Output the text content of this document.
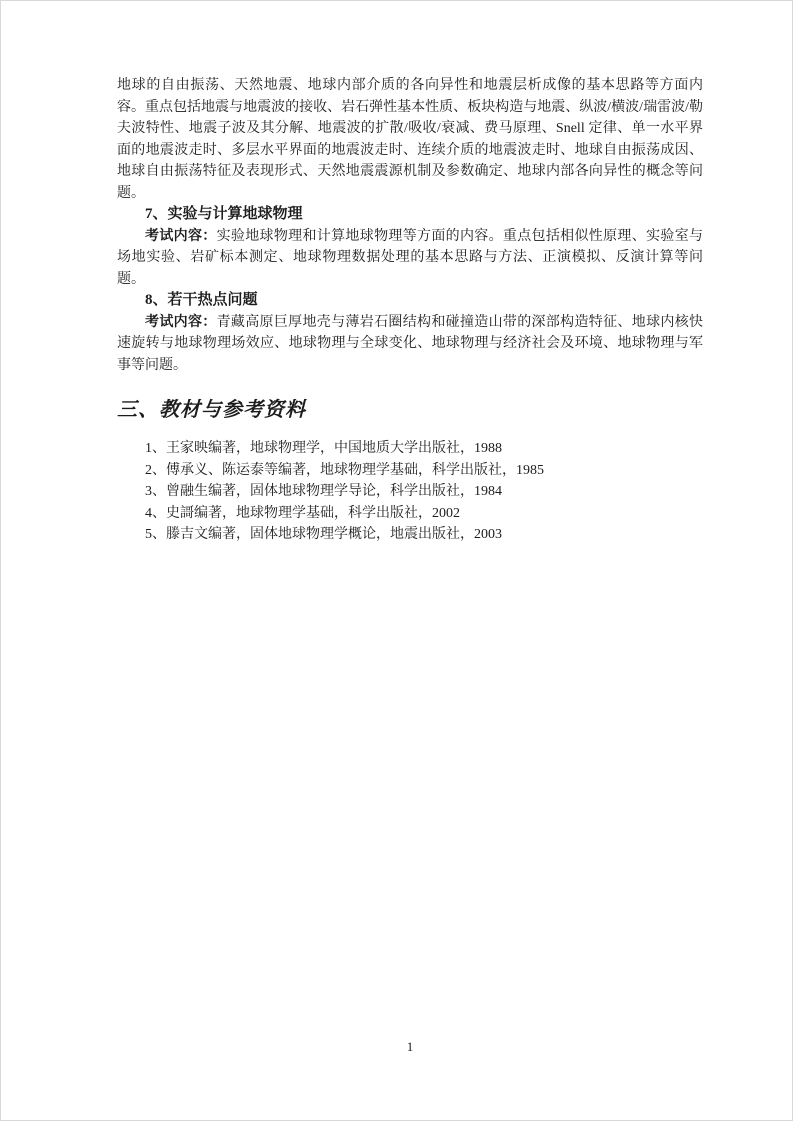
地球的自由振荡、天然地震、地球内部介质的各向异性和地震层析成像的基本思路等方面内容。重点包括地震与地震波的接收、岩石弹性基本性质、板块构造与地震、纵波/横波/瑞雷波/勒夫波特性、地震子波及其分解、地震波的扩散/吸收/衰减、费马原理、Snell 定律、单一水平界面的地震波走时、多层水平界面的地震波走时、连续介质的地震波走时、地球自由振荡成因、地球自由振荡特征及表现形式、天然地震震源机制及参数确定、地球内部各向异性的概念等问题。

7、实验与计算地球物理

考试内容：实验地球物理和计算地球物理等方面的内容。重点包括相似性原理、实验室与场地实验、岩矿标本测定、地球物理数据处理的基本思路与方法、正演模拟、反演计算等问题。

8、若干热点问题

考试内容：青藏高原巨厚地壳与薄岩石圈结构和碰撞造山带的深部构造特征、地球内核快速旋转与地球物理场效应、地球物理与全球变化、地球物理与经济社会及环境、地球物理与军事等问题。

三、教材与参考资料
1、王家映编著，地球物理学，中国地质大学出版社，1988
2、傅承义、陈运泰等编著，地球物理学基础，科学出版社，1985
3、曾融生编著，固体地球物理学导论，科学出版社，1984
4、史謌编著，地球物理学基础，科学出版社，2002
5、滕吉文编著，固体地球物理学概论，地震出版社，2003
1
